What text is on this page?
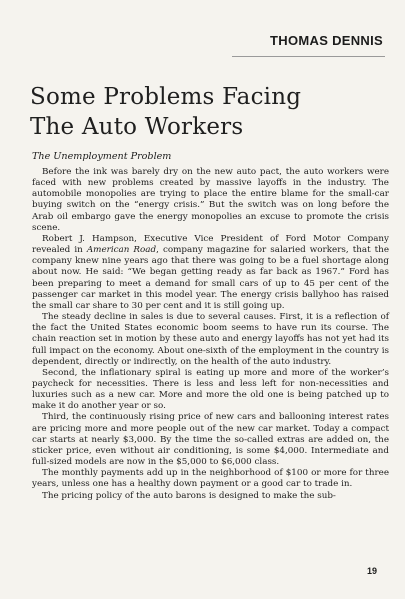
THOMAS DENNIS
Some Problems Facing
The Auto Workers
The Unemployment Problem

Before the ink was barely dry on the new auto pact, the auto workers were faced with new problems created by massive layoffs in the industry. The automobile monopolies are trying to place the entire blame for the small-car buying switch on the “energy crisis.” But the switch was on long before the Arab oil embargo gave the energy monopolies an excuse to promote the crisis scene.

Robert J. Hampson, Executive Vice President of Ford Motor Company revealed in American Road, company magazine for salaried workers, that the company knew nine years ago that there was going to be a fuel shortage along about now. He said: “We began getting ready as far back as 1967.” Ford has been preparing to meet a demand for small cars of up to 45 per cent of the passenger car market in this model year. The energy crisis ballyhoo has raised the small car share to 30 per cent and it is still going up.

The steady decline in sales is due to several causes. First, it is a reflection of the fact the United States economic boom seems to have run its course. The chain reaction set in motion by these auto and energy layoffs has not yet had its full impact on the economy. About one-sixth of the employment in the country is dependent, directly or indirectly, on the health of the auto industry.

Second, the inflationary spiral is eating up more and more of the worker’s paycheck for necessities. There is less and less left for non-necessities and luxuries such as a new car. More and more the old one is being patched up to make it do another year or so.

Third, the continuously rising price of new cars and ballooning interest rates are pricing more and more people out of the new car market. Today a compact car starts at nearly $3,000. By the time the so-called extras are added on, the sticker price, even without air conditioning, is some $4,000. Intermediate and full-sized models are now in the $5,000 to $6,000 class.

The monthly payments add up in the neighborhood of $100 or more for three years, unless one has a healthy down payment or a good car to trade in.

The pricing policy of the auto barons is designed to make the sub-

19
